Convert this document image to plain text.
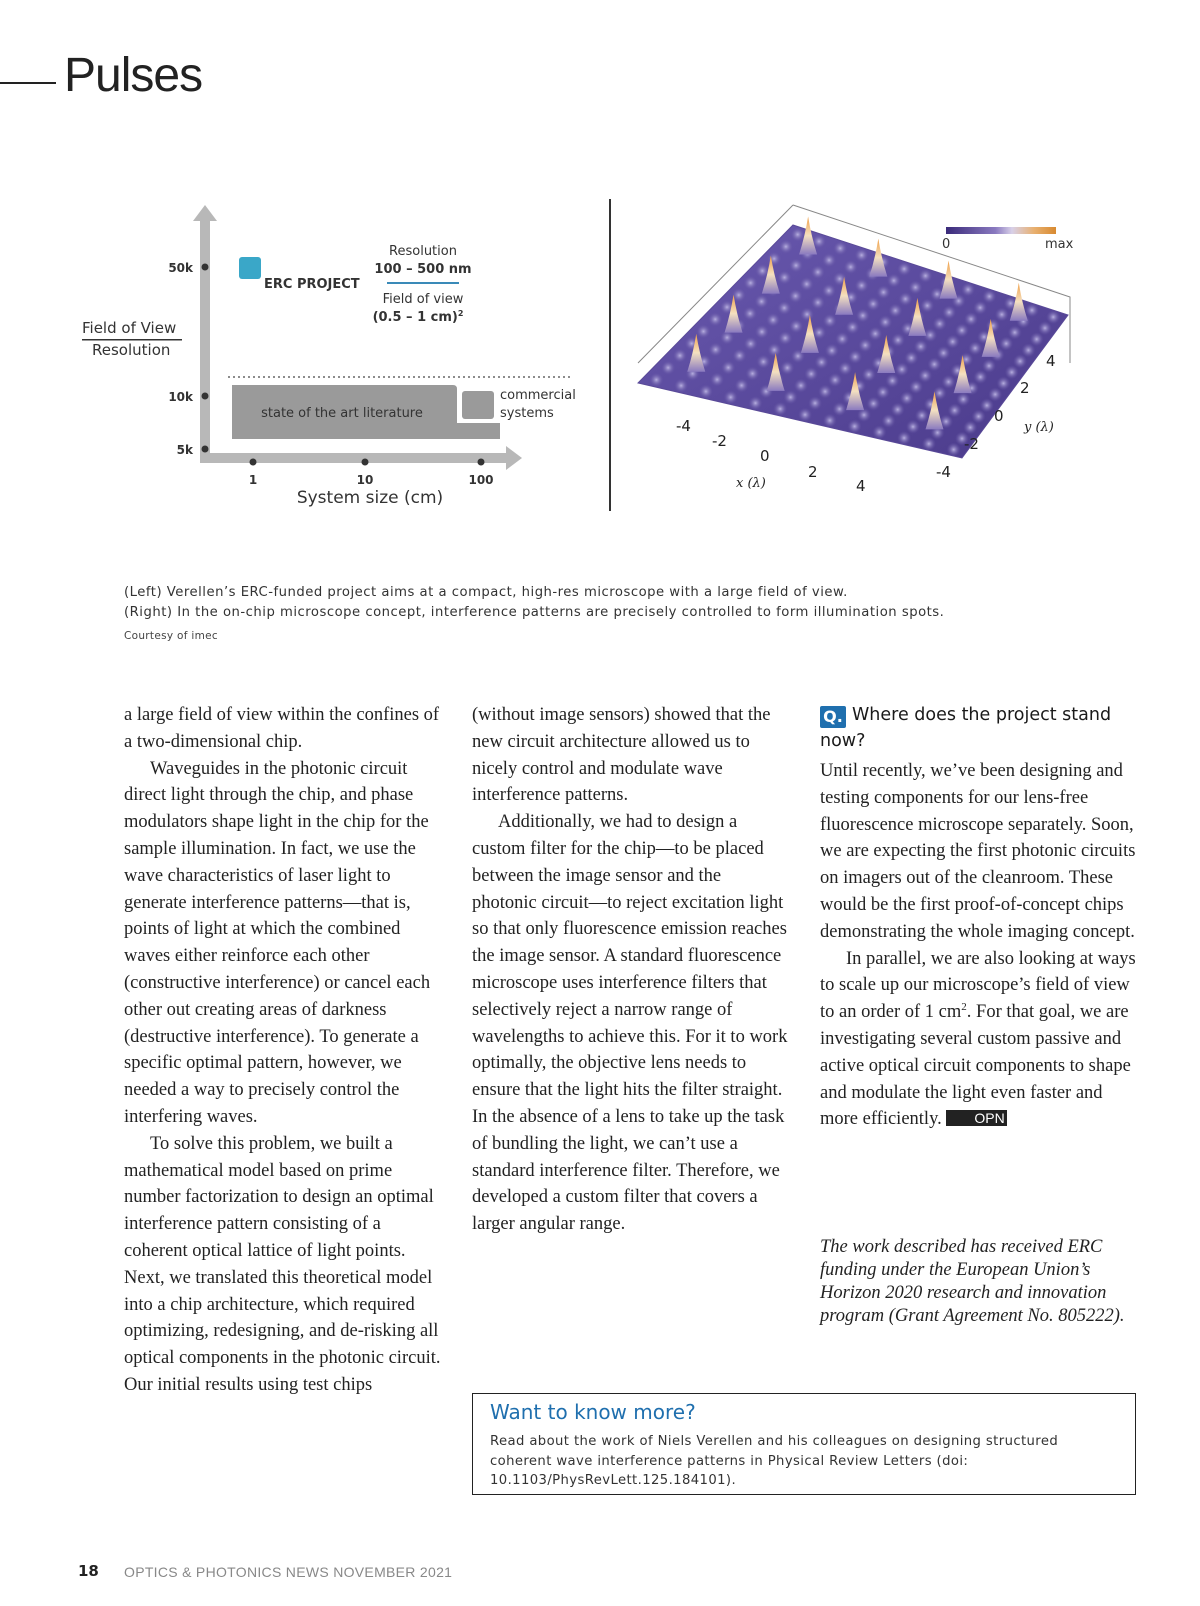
Pulses
50k
10k
5k
Field of View
Resolution
1	10	100
System size (cm)
ERC PROJECT
Resolution
100 – 500 nm
Field of view
(0.5 – 1 cm)$^2$
state of the art literature
commercial
systems
0	max
-4
-2
0
2
4
x (λ)
-4
-2
0
2
4
y (λ)
(Left) Verellen’s ERC-funded project aims at a compact, high-res microscope with a large field of view.
(Right) In the on-chip microscope concept, interference patterns are precisely controlled to form illumination spots.
Courtesy of imec

a large field of view within the confines of a two-dimensional chip.

Waveguides in the photonic circuit direct light through the chip, and phase modulators shape light in the chip for the sample illumination. In fact, we use the wave characteristics of laser light to generate interference patterns—that is, points of light at which the combined waves either reinforce each other (constructive interference) or cancel each other out creating areas of darkness (destructive interference). To generate a specific optimal pattern, however, we needed a way to precisely control the interfering waves.

To solve this problem, we built a mathematical model based on prime number factorization to design an optimal interference pattern consisting of a coherent optical lattice of light points. Next, we translated this theoretical model into a chip architecture, which required optimizing, redesigning, and de-risking all optical components in the photonic circuit. Our initial results using test chips

(without image sensors) showed that the new circuit architecture allowed us to nicely control and modulate wave interference patterns.

Additionally, we had to design a custom filter for the chip—to be placed between the image sensor and the photonic circuit—to reject excitation light so that only fluorescence emission reaches the image sensor. A standard fluorescence microscope uses interference filters that selectively reject a narrow range of wavelengths to achieve this. For it to work optimally, the objective lens needs to ensure that the light hits the filter straight. In the absence of a lens to take up the task of bundling the light, we can’t use a standard interference filter. Therefore, we developed a custom filter that covers a larger angular range.

Q. Where does the project stand now?

Until recently, we’ve been designing and testing components for our lens-free fluorescence microscope separately. Soon, we are expecting the first photonic circuits on imagers out of the cleanroom. These would be the first proof-of-concept chips demonstrating the whole imaging concept.

In parallel, we are also looking at ways to scale up our microscope’s field of view to an order of 1 $cm^2$. For that goal, we are investigating several custom passive and active optical circuit components to shape and modulate the light even faster and more efficiently. OPN

The work described has received ERC funding under the European Union’s Horizon 2020 research and innovation program (Grant Agreement No. 805222).
Want to know more?
Read about the work of Niels Verellen and his colleagues on designing structured coherent wave interference patterns in Physical Review Letters (doi: 10.1103/PhysRevLett.125.184101).
18 OPTICS & PHOTONICS NEWS NOVEMBER 2021
